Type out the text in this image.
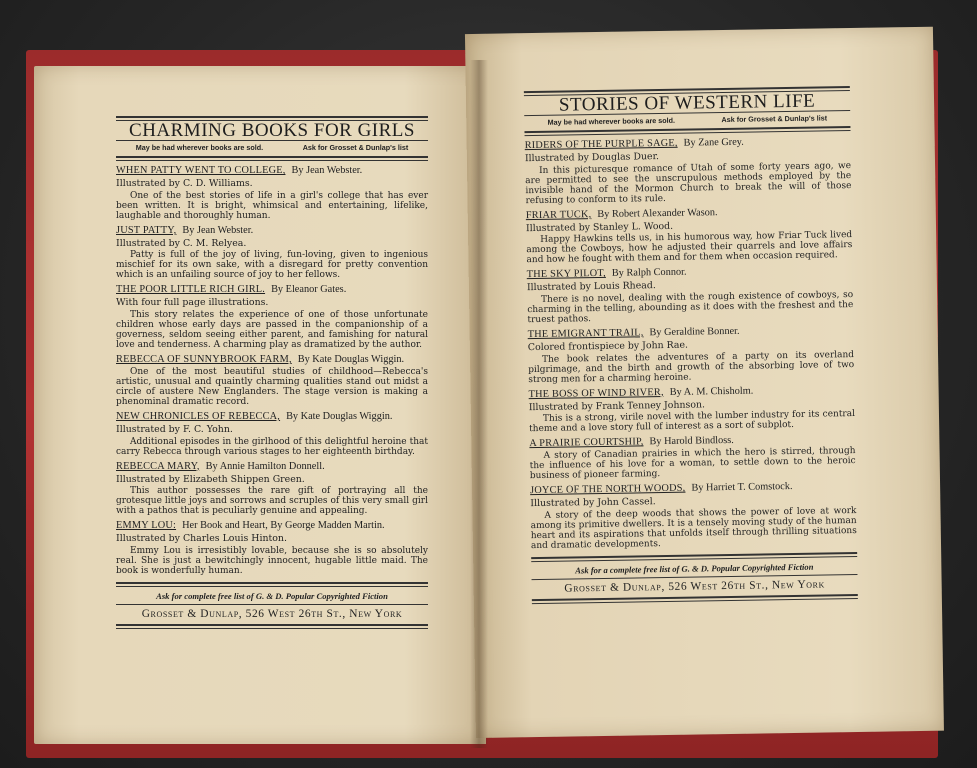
CHARMING BOOKS FOR GIRLS
May be had wherever books are sold.	Ask for Grosset & Dunlap's list
WHEN PATTY WENT TO COLLEGE, By Jean Webster.
Illustrated by C. D. Williams.
One of the best stories of life in a girl's college that has ever been written. It is bright, whimsical and entertaining, lifelike, laughable and thoroughly human.
JUST PATTY, By Jean Webster.
Illustrated by C. M. Relyea.
Patty is full of the joy of living, fun-loving, given to ingenious mischief for its own sake, with a disregard for pretty convention which is an unfailing source of joy to her fellows.
THE POOR LITTLE RICH GIRL. By Eleanor Gates.
With four full page illustrations.
This story relates the experience of one of those unfortunate children whose early days are passed in the companionship of a governess, seldom seeing either parent, and famishing for natural love and tenderness. A charming play as dramatized by the author.
REBECCA OF SUNNYBROOK FARM, By Kate Douglas Wiggin.
One of the most beautiful studies of childhood—Rebecca's artistic, unusual and quaintly charming qualities stand out midst a circle of austere New Englanders. The stage version is making a phenominal dramatic record.
NEW CHRONICLES OF REBECCA, By Kate Douglas Wiggin.
Illustrated by F. C. Yohn.
Additional episodes in the girlhood of this delightful heroine that carry Rebecca through various stages to her eighteenth birthday.
REBECCA MARY, By Annie Hamilton Donnell.
Illustrated by Elizabeth Shippen Green.
This author possesses the rare gift of portraying all the grotesque little joys and sorrows and scruples of this very small girl with a pathos that is peculiarly genuine and appealing.
EMMY LOU: Her Book and Heart, By George Madden Martin.
Illustrated by Charles Louis Hinton.
Emmy Lou is irresistibly lovable, because she is so absolutely real. She is just a bewitchingly innocent, hugable little maid. The book is wonderfully human.
Ask for complete free list of G. & D. Popular Copyrighted Fiction
Grosset & Dunlap, 526 West 26th St., New York
STORIES OF WESTERN LIFE
May be had wherever books are sold.	Ask for Grosset & Dunlap's list
RIDERS OF THE PURPLE SAGE, By Zane Grey.
Illustrated by Douglas Duer.
In this picturesque romance of Utah of some forty years ago, we are permitted to see the unscrupulous methods employed by the invisible hand of the Mormon Church to break the will of those refusing to conform to its rule.
FRIAR TUCK, By Robert Alexander Wason.
Illustrated by Stanley L. Wood.
Happy Hawkins tells us, in his humorous way, how Friar Tuck lived among the Cowboys, how he adjusted their quarrels and love affairs and how he fought with them and for them when occasion required.
THE SKY PILOT, By Ralph Connor.
Illustrated by Louis Rhead.
There is no novel, dealing with the rough existence of cowboys, so charming in the telling, abounding as it does with the freshest and the truest pathos.
THE EMIGRANT TRAIL, By Geraldine Bonner.
Colored frontispiece by John Rae.
The book relates the adventures of a party on its overland pilgrimage, and the birth and growth of the absorbing love of two strong men for a charming heroine.
THE BOSS OF WIND RIVER, By A. M. Chisholm.
Illustrated by Frank Tenney Johnson.
This is a strong, virile novel with the lumber industry for its central theme and a love story full of interest as a sort of subplot.
A PRAIRIE COURTSHIP, By Harold Bindloss.
A story of Canadian prairies in which the hero is stirred, through the influence of his love for a woman, to settle down to the heroic business of pioneer farming.
JOYCE OF THE NORTH WOODS, By Harriet T. Comstock.
Illustrated by John Cassel.
A story of the deep woods that shows the power of love at work among its primitive dwellers. It is a tensely moving study of the human heart and its aspirations that unfolds itself through thrilling situations and dramatic developments.
Ask for a complete free list of G. & D. Popular Copyrighted Fiction
Grosset & Dunlap, 526 West 26th St., New York
